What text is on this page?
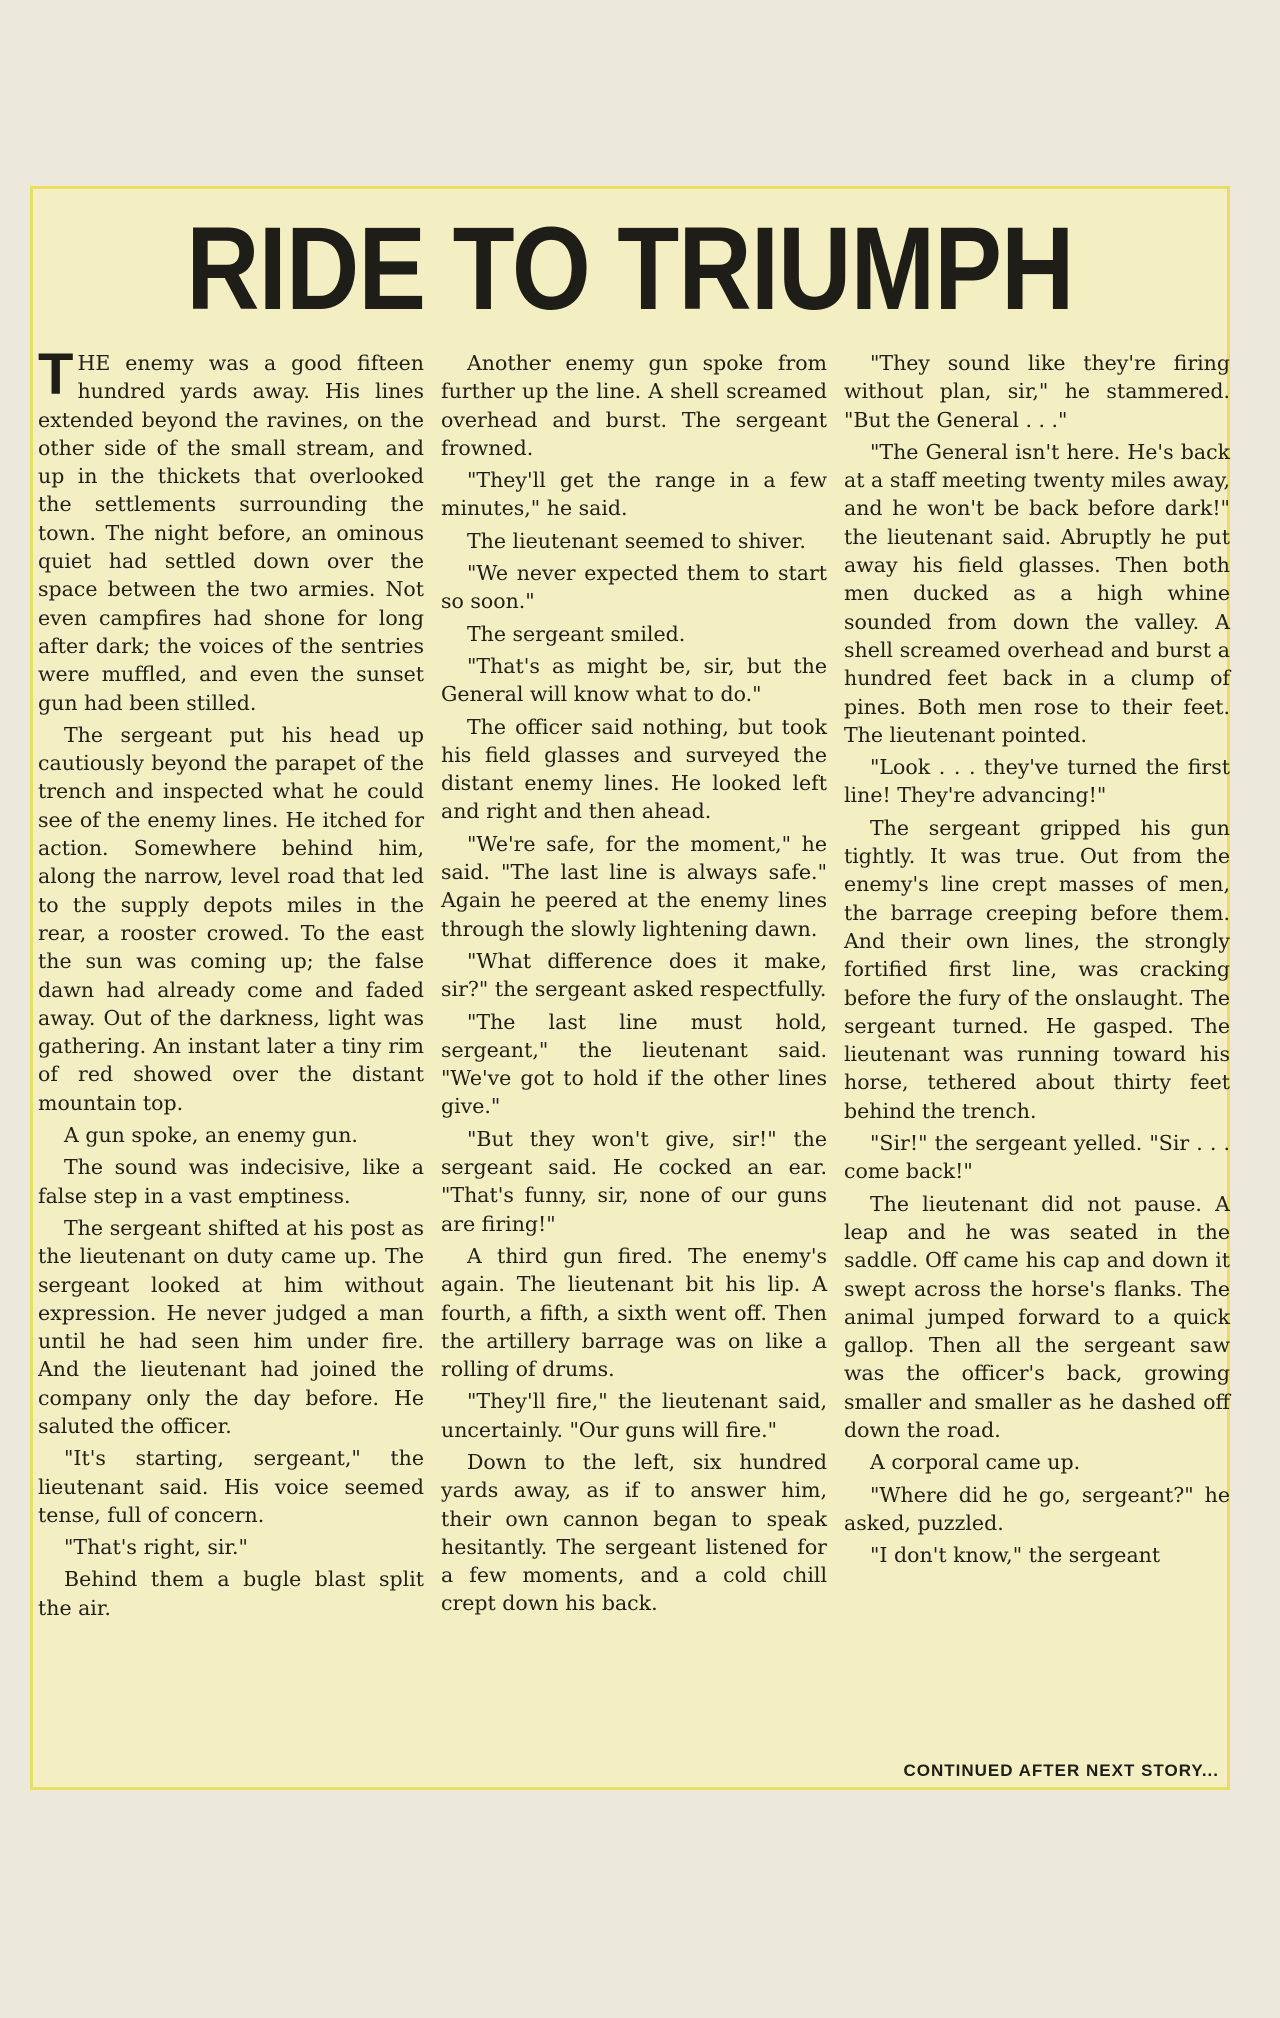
RIDE TO TRIUMPH

THE enemy was a good fifteen hundred yards away. His lines extended beyond the ravines, on the other side of the small stream, and up in the thickets that overlooked the settlements surrounding the town. The night before, an ominous quiet had settled down over the space between the two armies. Not even campfires had shone for long after dark; the voices of the sentries were muffled, and even the sunset gun had been stilled.

The sergeant put his head up cautiously beyond the parapet of the trench and inspected what he could see of the enemy lines. He itched for action. Somewhere behind him, along the narrow, level road that led to the supply depots miles in the rear, a rooster crowed. To the east the sun was coming up; the false dawn had already come and faded away. Out of the darkness, light was gathering. An instant later a tiny rim of red showed over the distant mountain top.

A gun spoke, an enemy gun.

The sound was indecisive, like a false step in a vast emptiness.

The sergeant shifted at his post as the lieutenant on duty came up. The sergeant looked at him without expression. He never judged a man until he had seen him under fire. And the lieutenant had joined the company only the day before. He saluted the officer.

"It's starting, sergeant," the lieutenant said. His voice seemed tense, full of concern.

"That's right, sir."

Behind them a bugle blast split the air.

Another enemy gun spoke from further up the line. A shell screamed overhead and burst. The sergeant frowned.

"They'll get the range in a few minutes," he said.

The lieutenant seemed to shiver.

"We never expected them to start so soon."

The sergeant smiled.

"That's as might be, sir, but the General will know what to do."

The officer said nothing, but took his field glasses and surveyed the distant enemy lines. He looked left and right and then ahead.

"We're safe, for the moment," he said. "The last line is always safe." Again he peered at the enemy lines through the slowly lightening dawn.

"What difference does it make, sir?" the sergeant asked respectfully.

"The last line must hold, sergeant," the lieutenant said. "We've got to hold if the other lines give."

"But they won't give, sir!" the sergeant said. He cocked an ear. "That's funny, sir, none of our guns are firing!"

A third gun fired. The enemy's again. The lieutenant bit his lip. A fourth, a fifth, a sixth went off. Then the artillery barrage was on like a rolling of drums.

"They'll fire," the lieutenant said, uncertainly. "Our guns will fire."

Down to the left, six hundred yards away, as if to answer him, their own cannon began to speak hesitantly. The sergeant listened for a few moments, and a cold chill crept down his back.

"They sound like they're firing without plan, sir," he stammered. "But the General . . ."

"The General isn't here. He's back at a staff meeting twenty miles away, and he won't be back before dark!" the lieutenant said. Abruptly he put away his field glasses. Then both men ducked as a high whine sounded from down the valley. A shell screamed overhead and burst a hundred feet back in a clump of pines. Both men rose to their feet. The lieutenant pointed.

"Look . . . they've turned the first line! They're advancing!"

The sergeant gripped his gun tightly. It was true. Out from the enemy's line crept masses of men, the barrage creeping before them. And their own lines, the strongly fortified first line, was cracking before the fury of the onslaught. The sergeant turned. He gasped. The lieutenant was running toward his horse, tethered about thirty feet behind the trench.

"Sir!" the sergeant yelled. "Sir . . . come back!"

The lieutenant did not pause. A leap and he was seated in the saddle. Off came his cap and down it swept across the horse's flanks. The animal jumped forward to a quick gallop. Then all the sergeant saw was the officer's back, growing smaller and smaller as he dashed off down the road.

A corporal came up.

"Where did he go, sergeant?" he asked, puzzled.

"I don't know," the sergeant

CONTINUED AFTER NEXT STORY...
